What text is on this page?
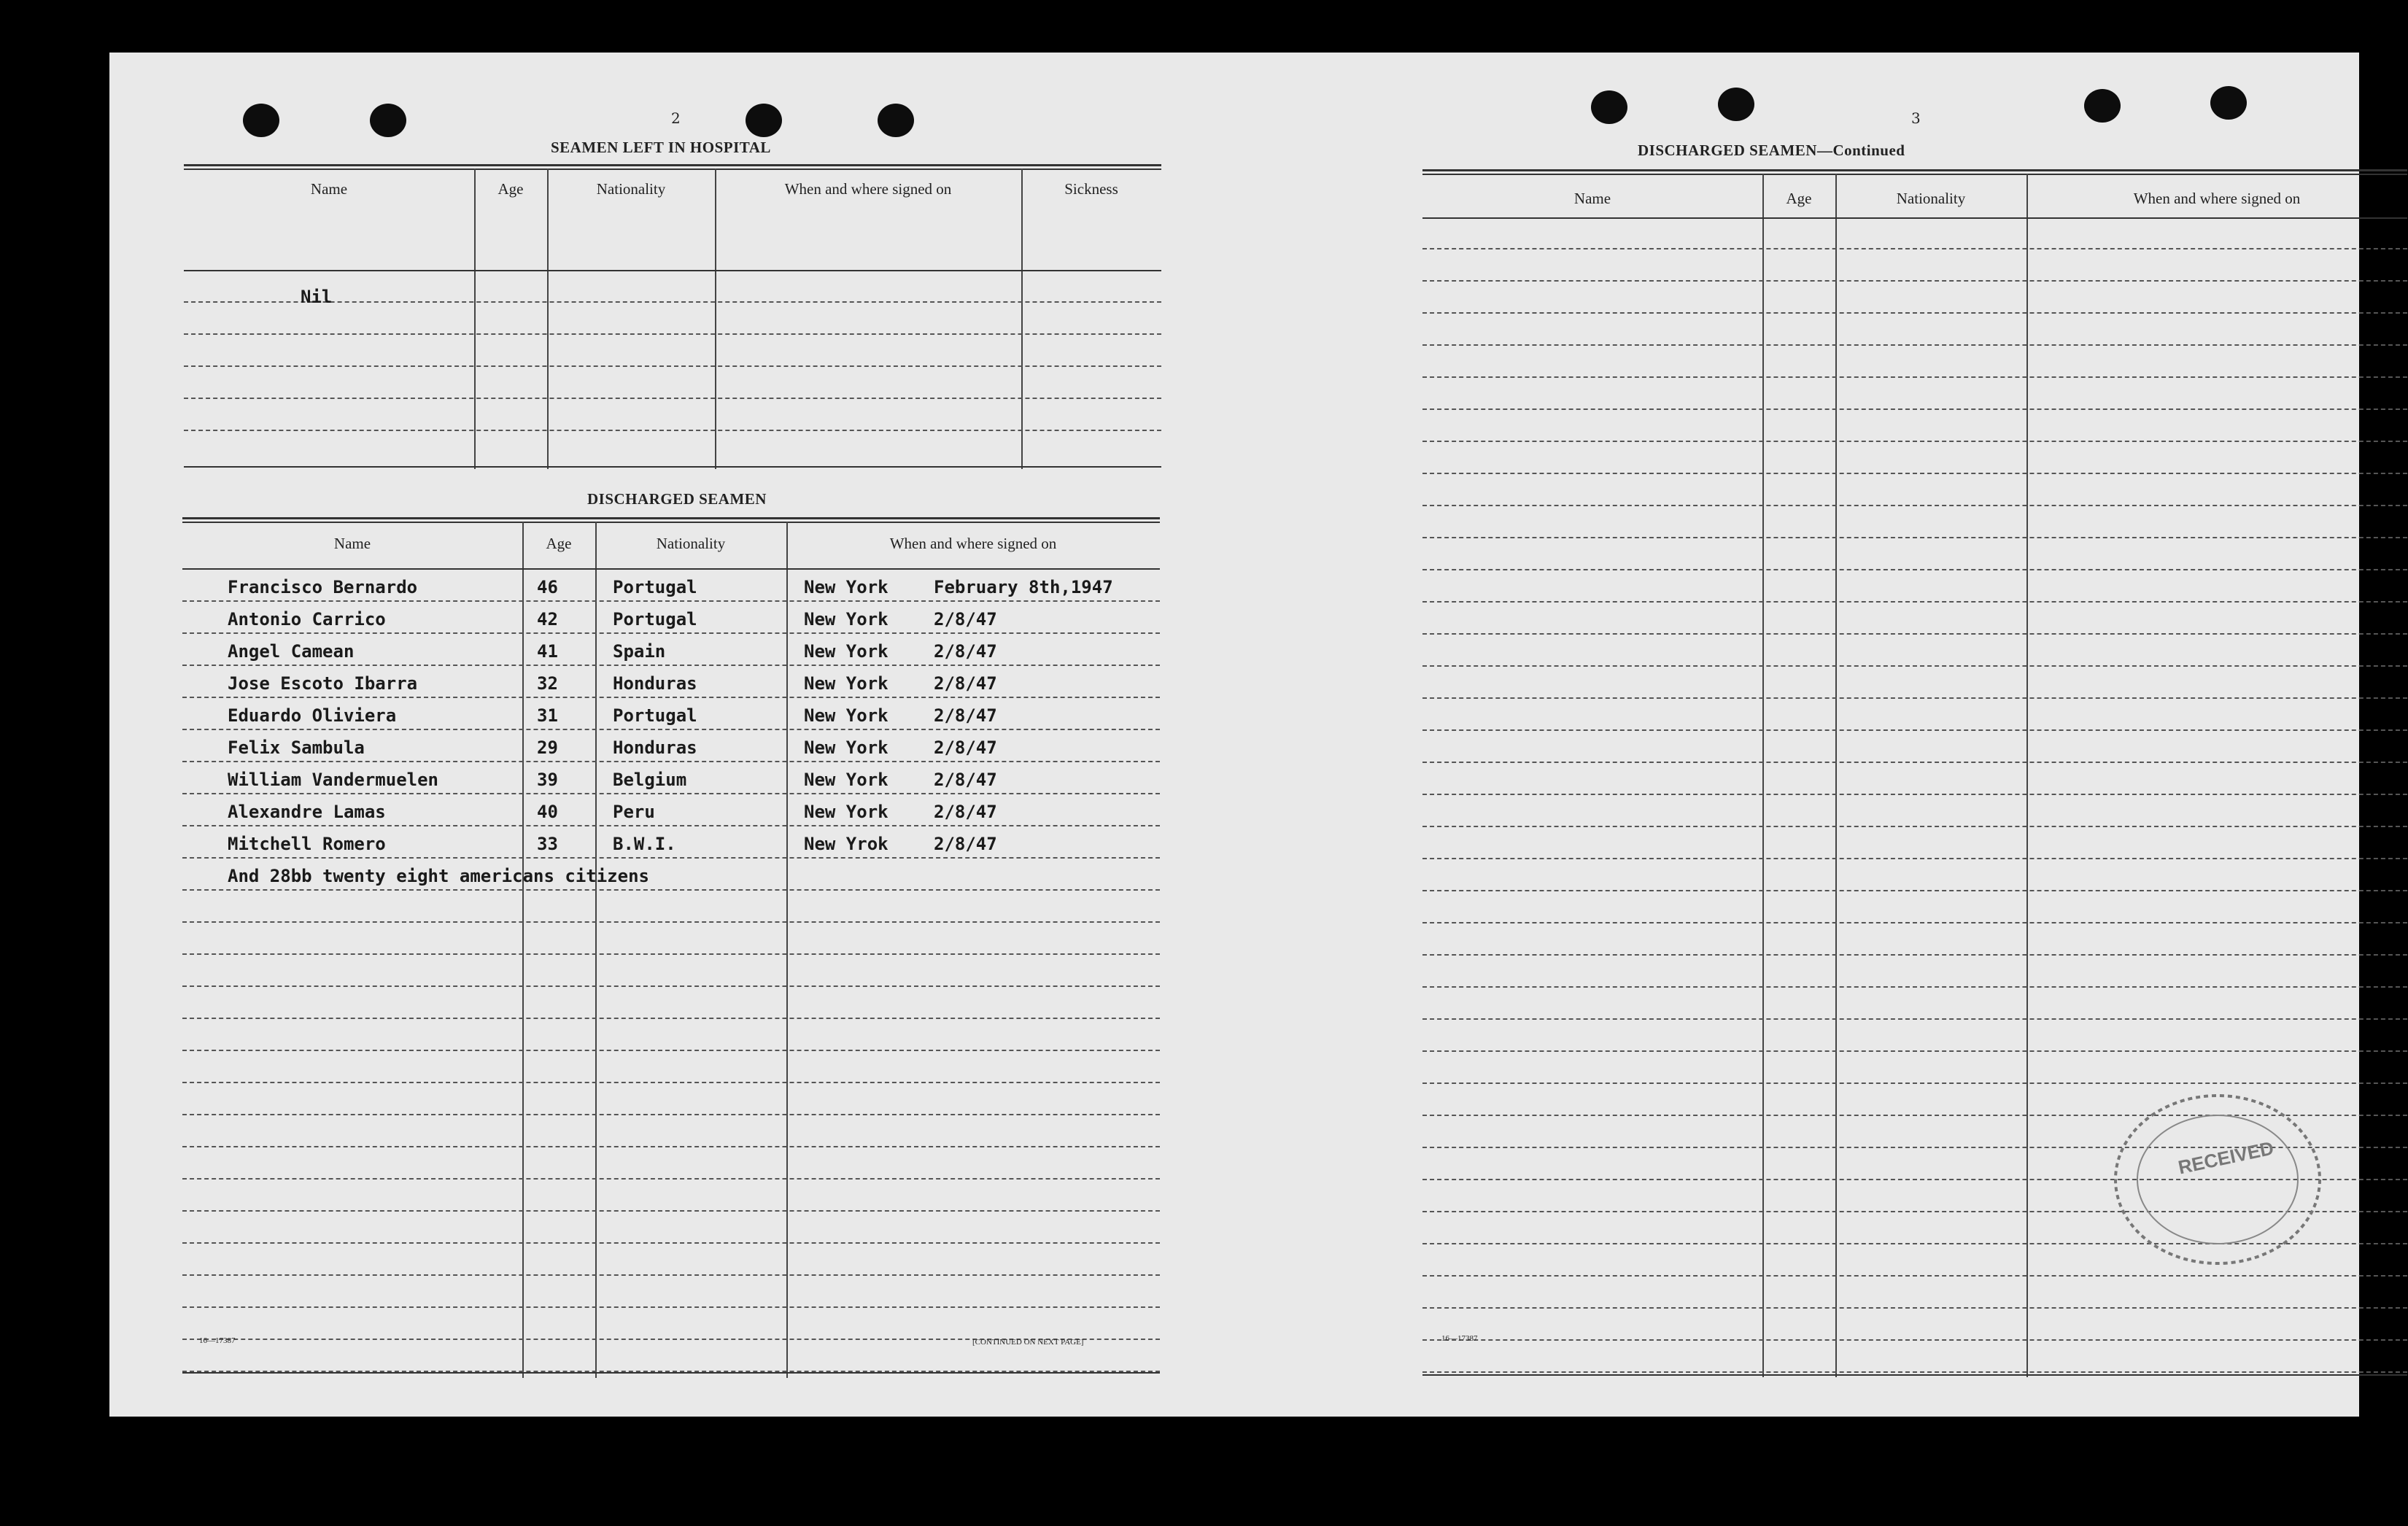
2
SEAMEN LEFT IN HOSPITAL
Name	Age	Nationality	When and where signed on	Sickness
Nil
DISCHARGED SEAMEN
Name	Age	Nationality	When and where signed on
Francisco Bernardo	46	Portugal	New York	February 8th,1947
Antonio Carrico	42	Portugal	New York	2/8/47
Angel Camean	41	Spain	New York	2/8/47
Jose Escoto Ibarra	32	Honduras	New York	2/8/47
Eduardo Oliviera	31	Portugal	New York	2/8/47
Felix Sambula	29	Honduras	New York	2/8/47
William Vandermuelen	39	Belgium	New York	2/8/47
Alexandre Lamas	40	Peru	New York	2/8/47
Mitchell Romero	33	B.W.I.	New Yrok	2/8/47
And 28bb twenty eight americans citizens
16—17387	[CONTINUED ON NEXT PAGE]
3
DISCHARGED SEAMEN—Continued
Name	Age	Nationality	When and where signed on
RECEIVED
16—17387
